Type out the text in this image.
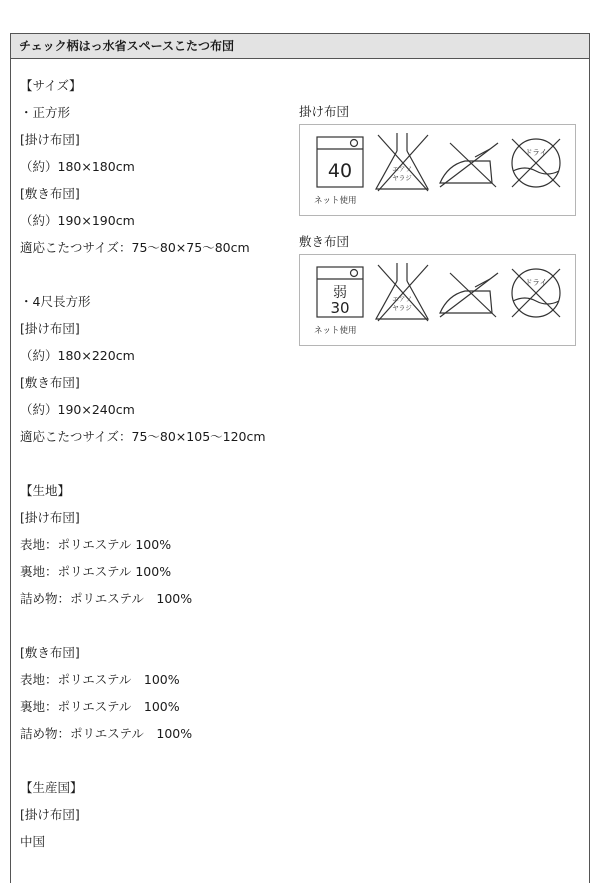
チェック柄はっ水省スペースこたつ布団
【サイズ】
・正方形
[掛け布団]
（約）180×180cm
[敷き布団]
（約）190×190cm
適応こたつサイズ：75〜80×75〜80cm
・4尺長方形
[掛け布団]
（約）180×220cm
[敷き布団]
（約）190×240cm
適応こたつサイズ：75〜80×105〜120cm
【生地】
[掛け布団]
表地：ポリエステル 100%
裏地：ポリエステル 100%
詰め物：ポリエステル　100%
[敷き布団]
表地：ポリエステル　100%
裏地：ポリエステル　100%
詰め物：ポリエステル　100%
【生産国】
[掛け布団]
中国
掛け布団
40
ネット使用
エアソ
ヤラジ
ドライ
敷き布団
弱
30
ネット使用
エアソ
ヤラジ
ドライ
